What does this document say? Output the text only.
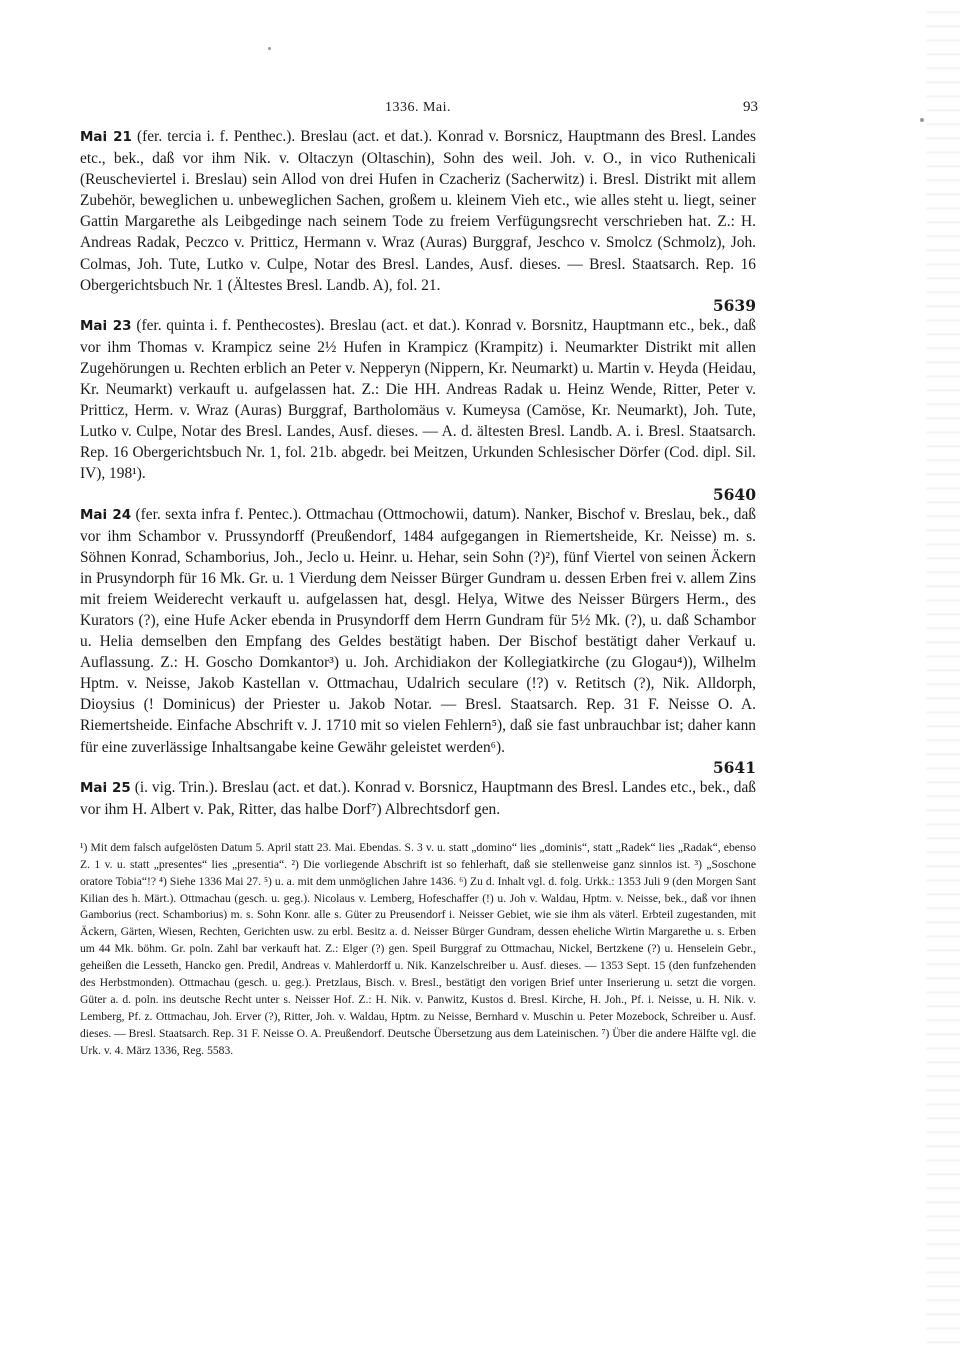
1336. Mai.	93

Mai 21 (fer. tercia i. f. Penthec.). Breslau (act. et dat.). Konrad v. Borsnicz, Hauptmann des Bresl. Landes etc., bek., daß vor ihm Nik. v. Oltaczyn (Oltaschin), Sohn des weil. Joh. v. O., in vico Ruthenicali (Reuscheviertel i. Breslau) sein Allod von drei Hufen in Czacheriz (Sacherwitz) i. Bresl. Distrikt mit allem Zubehör, beweglichen u. unbeweglichen Sachen, großem u. kleinem Vieh etc., wie alles steht u. liegt, seiner Gattin Margarethe als Leibgedinge nach seinem Tode zu freiem Verfügungsrecht verschrieben hat. Z.: H. Andreas Radak, Peczco v. Pritticz, Hermann v. Wraz (Auras) Burggraf, Jeschco v. Smolcz (Schmolz), Joh. Colmas, Joh. Tute, Lutko v. Culpe, Notar des Bresl. Landes, Ausf. dieses. — Bresl. Staatsarch. Rep. 16 Obergerichtsbuch Nr. 1 (Ältestes Bresl. Landb. A), fol. 21.

5639

Mai 23 (fer. quinta i. f. Penthecostes). Breslau (act. et dat.). Konrad v. Borsnitz, Hauptmann etc., bek., daß vor ihm Thomas v. Krampicz seine 2½ Hufen in Krampicz (Krampitz) i. Neumarkter Distrikt mit allen Zugehörungen u. Rechten erblich an Peter v. Nepperyn (Nippern, Kr. Neumarkt) u. Martin v. Heyda (Heidau, Kr. Neumarkt) verkauft u. aufgelassen hat. Z.: Die HH. Andreas Radak u. Heinz Wende, Ritter, Peter v. Pritticz, Herm. v. Wraz (Auras) Burggraf, Bartholomäus v. Kumeysa (Camöse, Kr. Neumarkt), Joh. Tute, Lutko v. Culpe, Notar des Bresl. Landes, Ausf. dieses. — A. d. ältesten Bresl. Landb. A. i. Bresl. Staatsarch. Rep. 16 Obergerichtsbuch Nr. 1, fol. 21b. abgedr. bei Meitzen, Urkunden Schlesischer Dörfer (Cod. dipl. Sil. IV), 198¹).

5640

Mai 24 (fer. sexta infra f. Pentec.). Ottmachau (Ottmochowii, datum). Nanker, Bischof v. Breslau, bek., daß vor ihm Schambor v. Prussyndorff (Preußendorf, 1484 aufgegangen in Riemertsheide, Kr. Neisse) m. s. Söhnen Konrad, Schamborius, Joh., Jeclo u. Heinr. u. Hehar, sein Sohn (?)²), fünf Viertel von seinen Äckern in Prusyndorph für 16 Mk. Gr. u. 1 Vierdung dem Neisser Bürger Gundram u. dessen Erben frei v. allem Zins mit freiem Weiderecht verkauft u. aufgelassen hat, desgl. Helya, Witwe des Neisser Bürgers Herm., des Kurators (?), eine Hufe Acker ebenda in Prusyndorff dem Herrn Gundram für 5½ Mk. (?), u. daß Schambor u. Helia demselben den Empfang des Geldes bestätigt haben. Der Bischof bestätigt daher Verkauf u. Auflassung. Z.: H. Goscho Domkantor³) u. Joh. Archidiakon der Kollegiatkirche (zu Glogau⁴)), Wilhelm Hptm. v. Neisse, Jakob Kastellan v. Ottmachau, Udalrich seculare (!?) v. Retitsch (?), Nik. Alldorph, Dioysius (! Dominicus) der Priester u. Jakob Notar. — Bresl. Staatsarch. Rep. 31 F. Neisse O. A. Riemertsheide. Einfache Abschrift v. J. 1710 mit so vielen Fehlern⁵), daß sie fast unbrauchbar ist; daher kann für eine zuverlässige Inhaltsangabe keine Gewähr geleistet werden⁶).

5641

Mai 25 (i. vig. Trin.). Breslau (act. et dat.). Konrad v. Borsnicz, Hauptmann des Bresl. Landes etc., bek., daß vor ihm H. Albert v. Pak, Ritter, das halbe Dorf⁷) Albrechtsdorf gen.

¹) Mit dem falsch aufgelösten Datum 5. April statt 23. Mai. Ebendas. S. 3 v. u. statt „domino“ lies „dominis“, statt „Radek“ lies „Radak“, ebenso Z. 1 v. u. statt „presentes“ lies „presentia“. ²) Die vorliegende Abschrift ist so fehlerhaft, daß sie stellenweise ganz sinnlos ist. ³) „Soschone oratore Tobia“!? ⁴) Siehe 1336 Mai 27. ⁵) u. a. mit dem unmöglichen Jahre 1436. ⁶) Zu d. Inhalt vgl. d. folg. Urkk.: 1353 Juli 9 (den Morgen Sant Kilian des h. Märt.). Ottmachau (gesch. u. geg.). Nicolaus v. Lemberg, Hofeschaffer (!) u. Joh v. Waldau, Hptm. v. Neisse, bek., daß vor ihnen Gamborius (rect. Schamborius) m. s. Sohn Konr. alle s. Güter zu Preusendorf i. Neisser Gebiet, wie sie ihm als väterl. Erbteil zugestanden, mit Äckern, Gärten, Wiesen, Rechten, Gerichten usw. zu erbl. Besitz a. d. Neisser Bürger Gundram, dessen eheliche Wirtin Margarethe u. s. Erben um 44 Mk. böhm. Gr. poln. Zahl bar verkauft hat. Z.: Elger (?) gen. Speil Burggraf zu Ottmachau, Nickel, Bertzkene (?) u. Henselein Gebr., geheißen die Lesseth, Hancko gen. Predil, Andreas v. Mahlerdorff u. Nik. Kanzelschreiber u. Ausf. dieses. — 1353 Sept. 15 (den funfzehenden des Herbstmonden). Ottmachau (gesch. u. geg.). Pretzlaus, Bisch. v. Bresl., bestätigt den vorigen Brief unter Inserierung u. setzt die vorgen. Güter a. d. poln. ins deutsche Recht unter s. Neisser Hof. Z.: H. Nik. v. Panwitz, Kustos d. Bresl. Kirche, H. Joh., Pf. i. Neisse, u. H. Nik. v. Lemberg, Pf. z. Ottmachau, Joh. Erver (?), Ritter, Joh. v. Waldau, Hptm. zu Neisse, Bernhard v. Muschin u. Peter Mozebock, Schreiber u. Ausf. dieses. — Bresl. Staatsarch. Rep. 31 F. Neisse O. A. Preußendorf. Deutsche Übersetzung aus dem Lateinischen. ⁷) Über die andere Hälfte vgl. die Urk. v. 4. März 1336, Reg. 5583.
